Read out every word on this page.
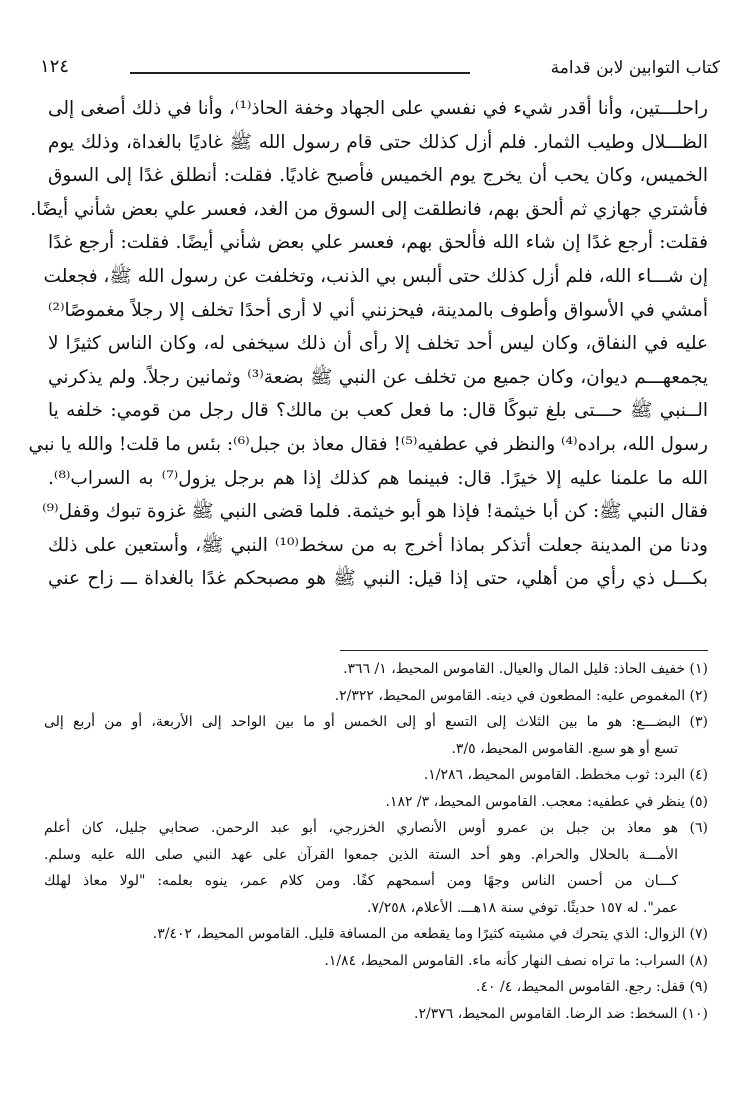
كتاب التوابين لابن قدامة
١٢٤
راحلـــتين، وأنا أقدر شيء في نفسي على الجهاد وخفة الحاذ⁽¹⁾، وأنا في ذلك أصغى إلى
الظـــلال وطيب الثمار. فلم أزل كذلك حتى قام رسول الله ﷺ غاديًا بالغداة، وذلك يوم
الخميس، وكان يحب أن يخرج يوم الخميس فأصبح غاديًا. فقلت: أنطلق غدًا إلى السوق
فأشتري جهازي ثم ألحق بهم، فانطلقت إلى السوق من الغد، فعسر علي بعض شأني أيضًا.
فقلت: أرجع غدًا إن شاء الله فألحق بهم، فعسر علي بعض شأني أيضًا. فقلت: أرجع غدًا
إن شـــاء الله، فلم أزل كذلك حتى ألبس بي الذنب، وتخلفت عن رسول الله ﷺ، فجعلت
أمشي في الأسواق وأطوف بالمدينة، فيحزنني أني لا أرى أحدًا تخلف إلا رجلاً مغموصًا⁽²⁾
عليه في النفاق، وكان ليس أحد تخلف إلا رأى أن ذلك سيخفى له، وكان الناس كثيرًا لا
يجمعهـــم ديوان، وكان جميع من تخلف عن النبي ﷺ بضعة⁽³⁾ وثمانين رجلاً. ولم يذكرني
الــنبي ﷺ حـــتى بلغ تبوكًا قال: ما فعل كعب بن مالك؟ قال رجل من قومي: خلفه يا
رسول الله، براده⁽⁴⁾ والنظر في عطفيه⁽⁵⁾! فقال معاذ بن جبل⁽⁶⁾: بئس ما قلت! والله يا نبي
الله ما علمنا عليه إلا خيرًا. قال: فبينما هم كذلك إذا هم برجل يزول⁽⁷⁾ به السراب⁽⁸⁾.
فقال النبي ﷺ: كن أبا خيثمة! فإذا هو أبو خيثمة. فلما قضى النبي ﷺ غزوة تبوك وقفل⁽⁹⁾
ودنا من المدينة جعلت أتذكر بماذا أخرج به من سخط⁽¹⁰⁾ النبي ﷺ، وأستعين على ذلك
بكـــل ذي رأي من أهلي، حتى إذا قيل: النبي ﷺ هو مصبحكم غدًا بالغداة ـــ زاح عني
(١) خفيف الحاذ: قليل المال والعيال. القاموس المحيط، ١/ ٣٦٦.
(٢) المغموص عليه: المطعون في دينه. القاموس المحيط، ٢/٣٢٢.
(٣) البضـــع: هو ما بين الثلاث إلى التسع أو إلى الخمس أو ما بين الواحد إلى الأربعة، أو من أربع إلى
تسع أو هو سبع. القاموس المحيط، ٣/٥.
(٤) البرد: ثوب مخطط. القاموس المحيط، ١/٢٨٦.
(٥) ينظر في عطفيه: معجب. القاموس المحيط، ٣/ ١٨٢.
(٦) هو معاذ بن جبل بن عمرو أوس الأنصاري الخزرجي، أبو عبد الرحمن. صحابي جليل، كان أعلم
الأمـــة بالحلال والحرام. وهو أحد الستة الذين جمعوا القرآن على عهد النبي صلى الله عليه وسلم.
كـــان من أحسن الناس وجهًا ومن أسمحهم كفًا. ومن كلام عمر، ينوه بعلمه: "لولا معاذ لهلك
عمر". له ١٥٧ حديثًا. توفي سنة ١٨هـــ. الأعلام، ٧/٢٥٨.
(٧) الزوال: الذي يتحرك في مشيته كثيرًا وما يقطعه من المسافة قليل. القاموس المحيط، ٣/٤٠٢.
(٨) السراب: ما تراه نصف النهار كأنه ماء. القاموس المحيط، ١/٨٤.
(٩) قفل: رجع. القاموس المحيط، ٤/ ٤٠.
(١٠) السخط: ضد الرضا. القاموس المحيط، ٢/٣٧٦.
